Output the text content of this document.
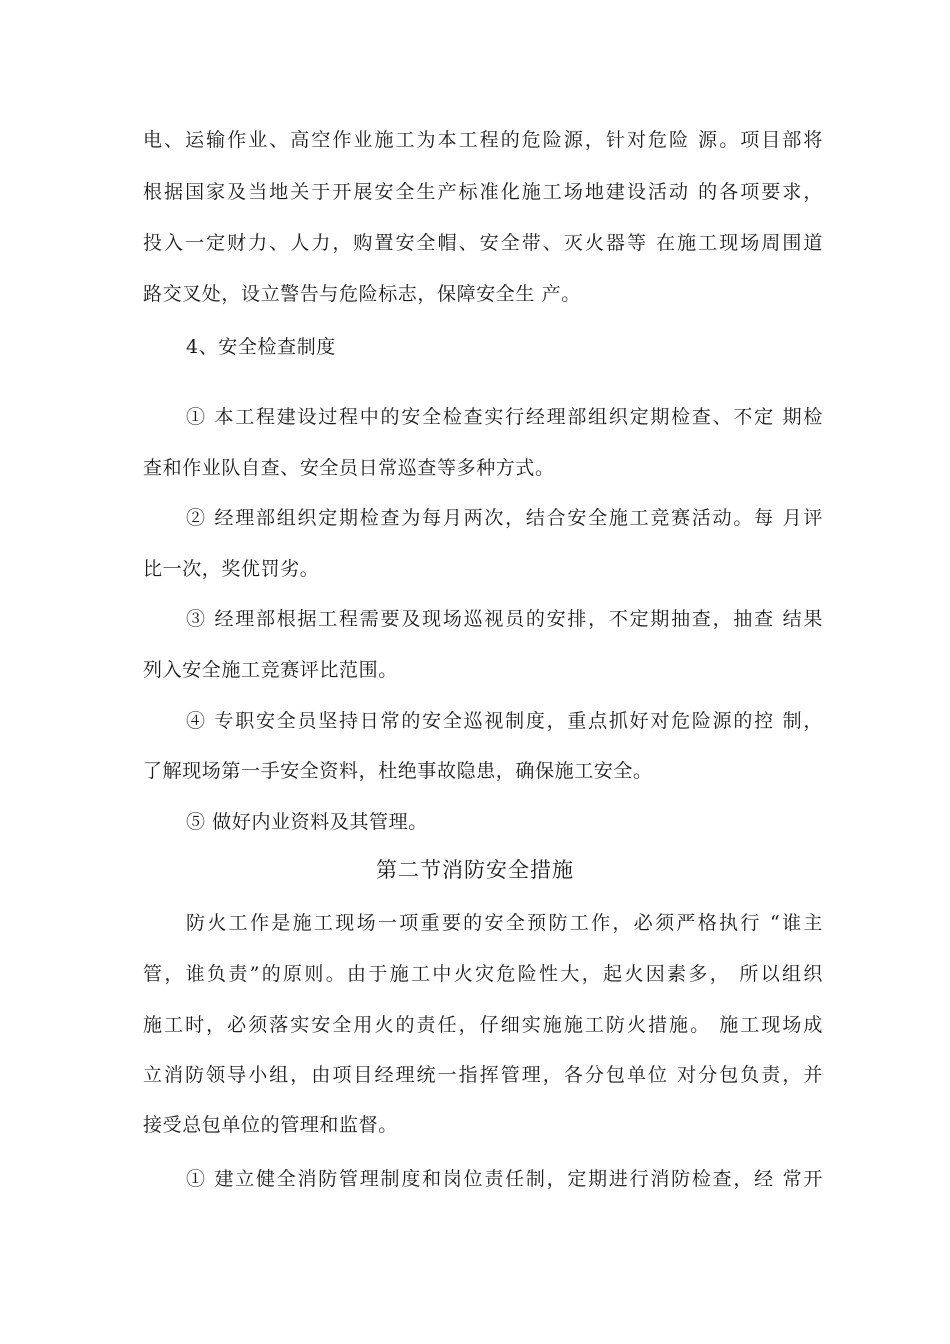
电、运输作业、高空作业施工为本工程的危险源，针对危险 源。项目部将
根据国家及当地关于开展安全生产标准化施工场地建设活动 的各项要求，
投入一定财力、人力，购置安全帽、安全带、灭火器等 在施工现场周围道
路交叉处，设立警告与危险标志，保障安全生 产。
4、安全检查制度
① 本工程建设过程中的安全检查实行经理部组织定期检查、不定 期检
查和作业队自查、安全员日常巡查等多种方式。
② 经理部组织定期检查为每月两次，结合安全施工竞赛活动。每 月评
比一次，奖优罚劣。
③ 经理部根据工程需要及现场巡视员的安排，不定期抽查，抽查 结果
列入安全施工竞赛评比范围。
④ 专职安全员坚持日常的安全巡视制度，重点抓好对危险源的控 制，
了解现场第一手安全资料，杜绝事故隐患，确保施工安全。
⑤ 做好内业资料及其管理。
第二节消防安全措施
防火工作是施工现场一项重要的安全预防工作，必须严格执行 “谁主
管，谁负责”的原则。由于施工中火灾危险性大，起火因素多， 所以组织
施工时，必须落实安全用火的责任，仔细实施施工防火措施。 施工现场成
立消防领导小组，由项目经理统一指挥管理，各分包单位 对分包负责，并
接受总包单位的管理和监督。
① 建立健全消防管理制度和岗位责任制，定期进行消防检查，经 常开
